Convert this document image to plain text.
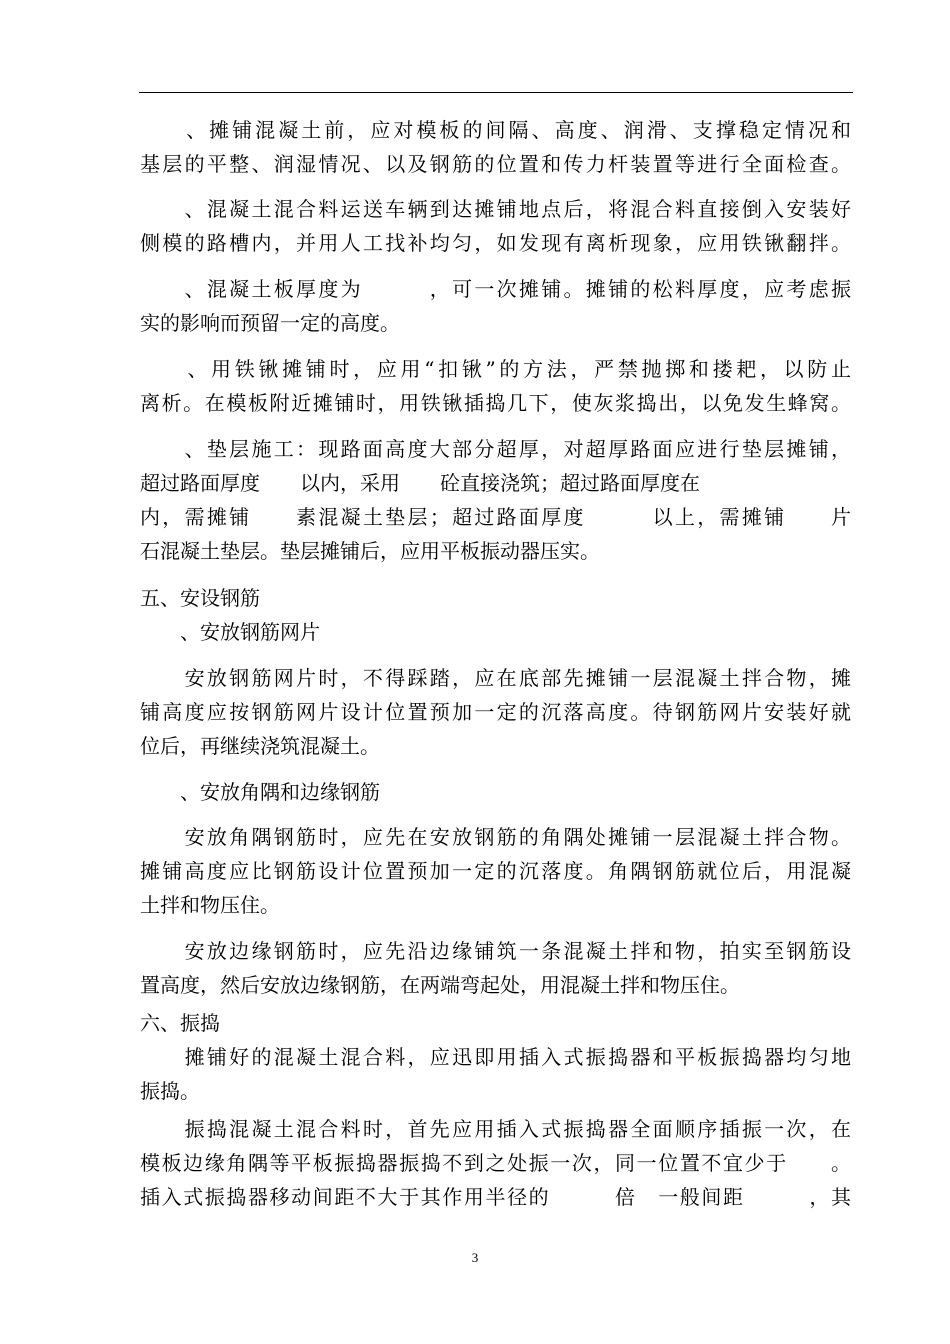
　　、摊铺混凝土前，应对模板的间隔、高度、润滑、支撑稳定情况和
基层的平整、润湿情况、以及钢筋的位置和传力杆装置等进行全面检查。
　　、混凝土混合料运送车辆到达摊铺地点后，将混合料直接倒入安装好
侧模的路槽内，并用人工找补均匀，如发现有离析现象，应用铁锹翻拌。
　　、混凝土板厚度为　　　，可一次摊铺。摊铺的松料厚度，应考虑振
实的影响而预留一定的高度。
　　、用铁锹摊铺时，应用“扣锹”的方法，严禁抛掷和搂耙，以防止
离析。在模板附近摊铺时，用铁锹插捣几下，使灰浆捣出，以免发生蜂窝。
　　、垫层施工：现路面高度大部分超厚，对超厚路面应进行垫层摊铺，
超过路面厚度　　以内，采用　　砼直接浇筑；超过路面厚度在
内，需摊铺　　素混凝土垫层；超过路面厚度　　　以上，需摊铺　　片
石混凝土垫层。垫层摊铺后，应用平板振动器压实。
五、安设钢筋
　　、安放钢筋网片
　　安放钢筋网片时，不得踩踏，应在底部先摊铺一层混凝土拌合物，摊
铺高度应按钢筋网片设计位置预加一定的沉落高度。待钢筋网片安装好就
位后，再继续浇筑混凝土。
　　、安放角隅和边缘钢筋
　　安放角隅钢筋时，应先在安放钢筋的角隅处摊铺一层混凝土拌合物。
摊铺高度应比钢筋设计位置预加一定的沉落度。角隅钢筋就位后，用混凝
土拌和物压住。
　　安放边缘钢筋时，应先沿边缘铺筑一条混凝土拌和物，拍实至钢筋设
置高度，然后安放边缘钢筋，在两端弯起处，用混凝土拌和物压住。
六、振捣
　　摊铺好的混凝土混合料，应迅即用插入式振捣器和平板振捣器均匀地
振捣。
　　振捣混凝土混合料时，首先应用插入式振捣器全面顺序插振一次，在
模板边缘角隅等平板振捣器振捣不到之处振一次，同一位置不宜少于　　。
插入式振捣器移动间距不大于其作用半径的　　　倍　一般间距　　　，其
3
